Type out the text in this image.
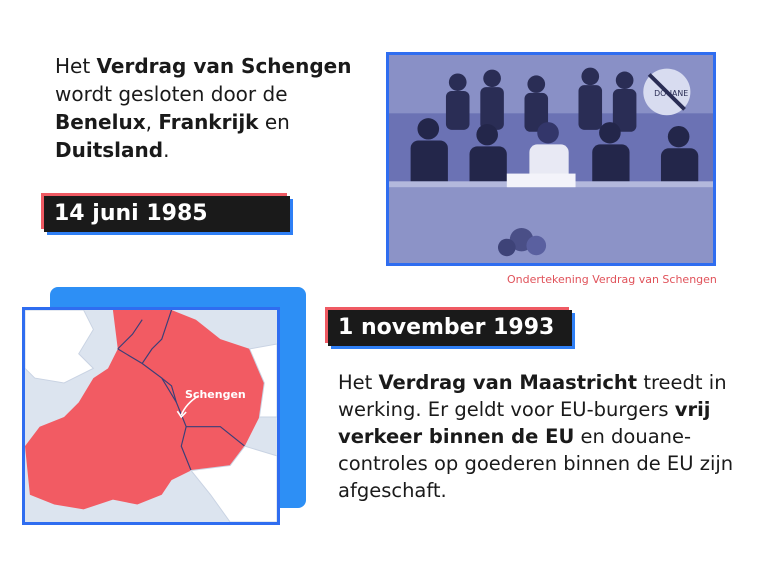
Het Verdrag van Schengen wordt gesloten door de Benelux, Frankrijk en Duitsland.
14 juni 1985
DOUANE
Ondertekening Verdrag van Schengen
Schengen
1 november 1993
Het Verdrag van Maastricht treedt in werking. Er geldt voor EU-burgers vrij verkeer binnen de EU en douane-controles op goederen binnen de EU zijn afgeschaft.
